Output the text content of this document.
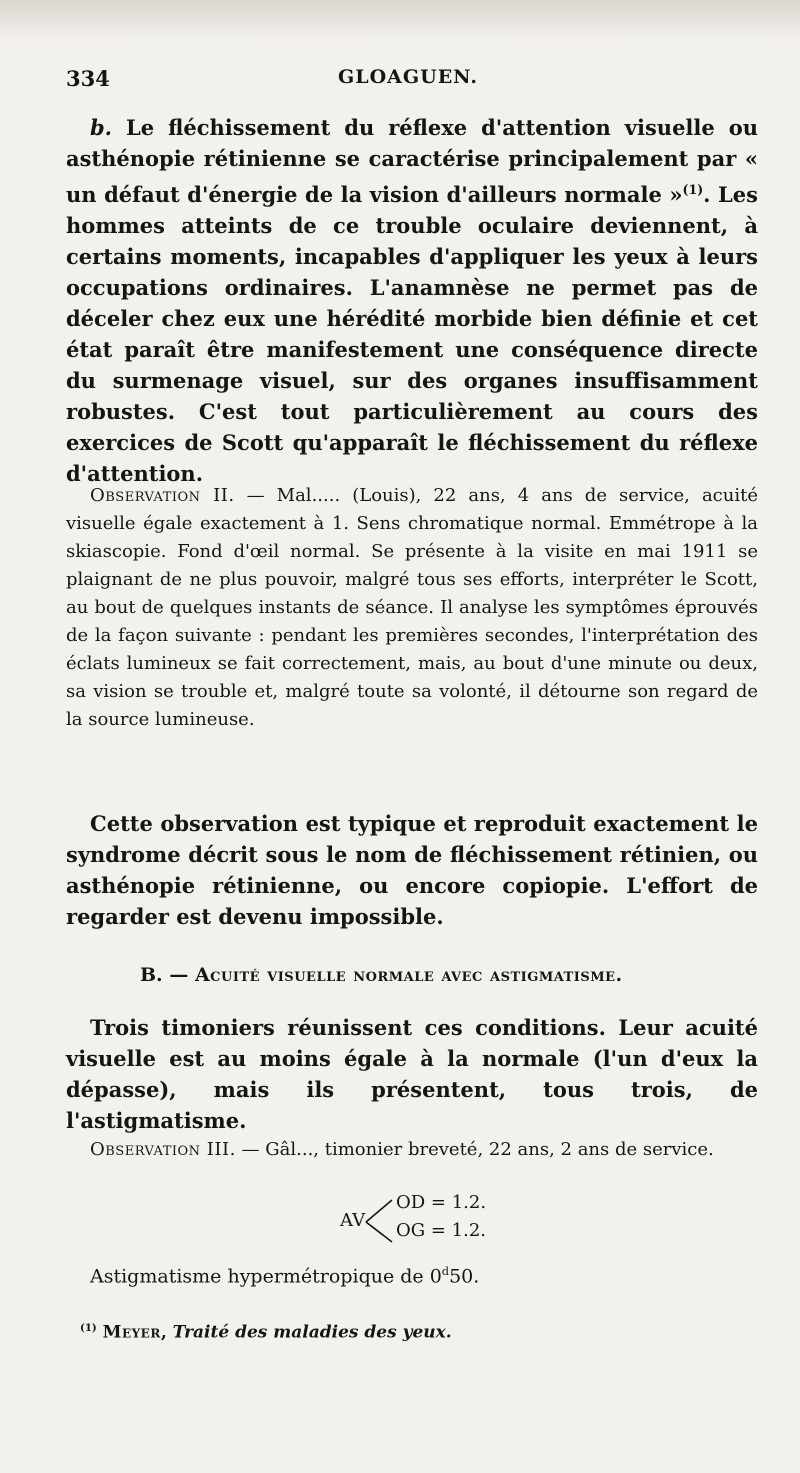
334	GLOAGUEN.

b. Le fléchissement du réflexe d'attention visuelle ou asthénopie rétinienne se caractérise principalement par « un défaut d'énergie de la vision d'ailleurs normale »$^{(1)}$. Les hommes atteints de ce trouble oculaire deviennent, à certains moments, incapables d'appliquer les yeux à leurs occupations ordinaires. L'anamnèse ne permet pas de déceler chez eux une hérédité morbide bien définie et cet état paraît être manifestement une conséquence directe du surmenage visuel, sur des organes insuffisamment robustes. C'est tout particulièrement au cours des exercices de Scott qu'apparaît le fléchissement du réflexe d'attention.

Observation II. — Mal..... (Louis), 22 ans, 4 ans de service, acuité visuelle égale exactement à 1. Sens chromatique normal. Emmétrope à la skiascopie. Fond d'œil normal. Se présente à la visite en mai 1911 se plaignant de ne plus pouvoir, malgré tous ses efforts, interpréter le Scott, au bout de quelques instants de séance. Il analyse les symptômes éprouvés de la façon suivante : pendant les premières secondes, l'interprétation des éclats lumineux se fait correctement, mais, au bout d'une minute ou deux, sa vision se trouble et, malgré toute sa volonté, il détourne son regard de la source lumineuse.

Cette observation est typique et reproduit exactement le syndrome décrit sous le nom de fléchissement rétinien, ou asthénopie rétinienne, ou encore copiopie. L'effort de regarder est devenu impossible.

B. — Acuité visuelle normale avec astigmatisme.

Trois timoniers réunissent ces conditions. Leur acuité visuelle est au moins égale à la normale (l'un d'eux la dépasse), mais ils présentent, tous trois, de l'astigmatisme.

Observation III. — Gâl..., timonier breveté, 22 ans, 2 ans de service.

AV
OD = 1.2.
OG = 1.2.
Astigmatisme hypermétropique de 0$^d$50.
$^{(1)}$ Meyer, Traité des maladies des yeux.
